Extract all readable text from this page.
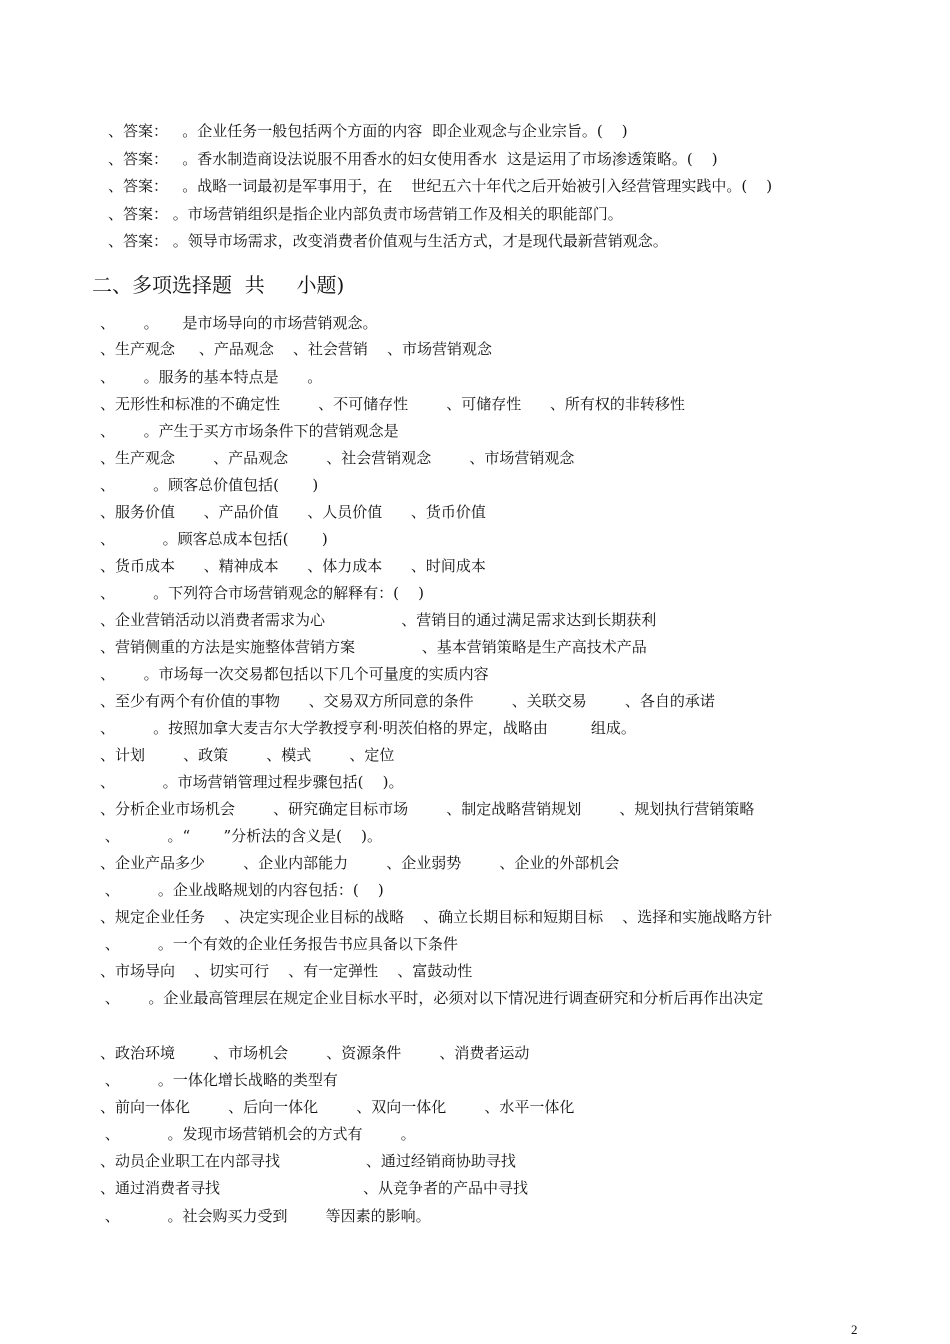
、答案：   。企业任务一般包括两个方面的内容  即企业观念与企业宗旨。(    )
、答案：   。香水制造商设法说服不用香水的妇女使用香水  这是运用了市场渗透策略。(    )
、答案：   。战略一词最初是军事用于，在    世纪五六十年代之后开始被引入经营管理实践中。(    )
、答案： 。市场营销组织是指企业内部负责市场营销工作及相关的职能部门。
、答案： 。领导市场需求，改变消费者价值观与生活方式，才是现代最新营销观念。
二、多项选择题  共     小题)
、      。     是市场导向的市场营销观念。
、生产观念     、产品观念    、社会营销    、市场营销观念
、      。服务的基本特点是      。
、无形性和标准的不确定性        、不可储存性        、可储存性      、所有权的非转移性
、      。产生于买方市场条件下的营销观念是
、生产观念        、产品观念        、社会营销观念        、市场营销观念
、        。顾客总价值包括(       )
、服务价值      、产品价值      、人员价值      、货币价值
、          。顾客总成本包括(       )
、货币成本      、精神成本      、体力成本      、时间成本
、        。下列符合市场营销观念的解释有：(    )
、企业营销活动以消费者需求为心                、营销目的通过满足需求达到长期获利
、营销侧重的方法是实施整体营销方案              、基本营销策略是生产高技术产品
、      。市场每一次交易都包括以下几个可量度的实质内容
、至少有两个有价值的事物      、交易双方所同意的条件        、关联交易        、各自的承诺
、        。按照加拿大麦吉尔大学教授亨利·明茨伯格的界定，战略由         组成。
、计划        、政策        、模式        、定位
、          。市场营销管理过程步骤包括(    )。
、分析企业市场机会        、研究确定目标市场        、制定战略营销规划        、规划执行营销策略
、          。“       ”分析法的含义是(    )。
、企业产品多少        、企业内部能力        、企业弱势        、企业的外部机会
、        。企业战略规划的内容包括：(    )
、规定企业任务    、决定实现企业目标的战略    、确立长期目标和短期目标    、选择和实施战略方针
、        。一个有效的企业任务报告书应具备以下条件
、市场导向    、切实可行    、有一定弹性    、富鼓动性
、      。企业最高管理层在规定企业目标水平时，必须对以下情况进行调查研究和分析后再作出决定
、政治环境        、市场机会        、资源条件        、消费者运动
、        。一体化增长战略的类型有
、前向一体化        、后向一体化        、双向一体化        、水平一体化
、          。发现市场营销机会的方式有        。
、动员企业职工在内部寻找                  、通过经销商协助寻找
、通过消费者寻找                              、从竞争者的产品中寻找
、          。社会购买力受到        等因素的影响。
2
